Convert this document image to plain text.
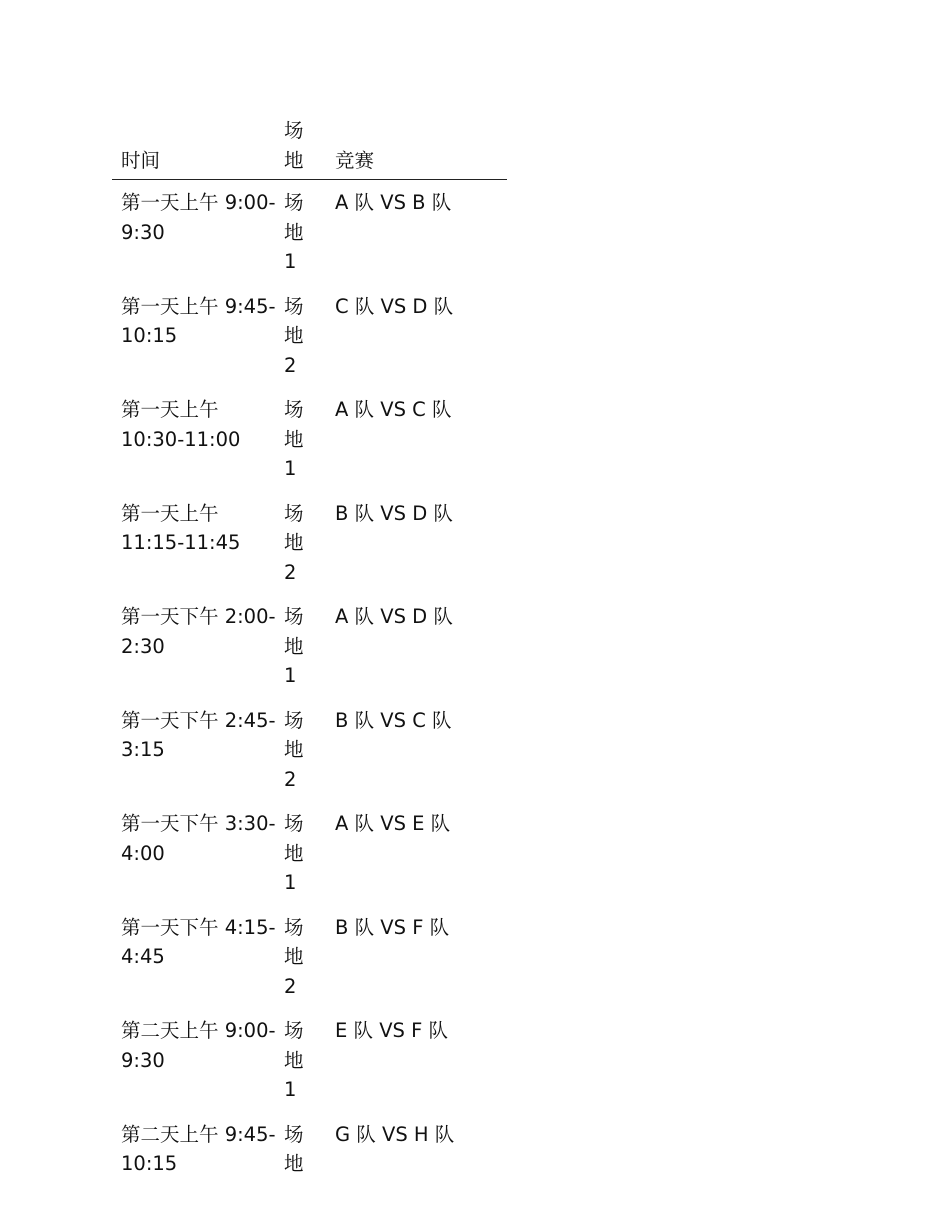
时间
场地 竞赛
第一天上午 9:00-9:30
场地1
A 队 VS B 队
第一天上午 9:45-10:15
场地2
C 队 VS D 队
第一天上午 10:30-11:00
场地1
A 队 VS C 队
第一天上午 11:15-11:45
场地2
B 队 VS D 队
第一天下午 2:00-2:30
场地1
A 队 VS D 队
第一天下午 2:45-3:15
场地2
B 队 VS C 队
第一天下午 3:30-4:00
场地1
A 队 VS E 队
第一天下午 4:15-4:45
场地2
B 队 VS F 队
第二天上午 9:00-9:30
场地1
E 队 VS F 队
第二天上午 9:45-10:15
场地
G 队 VS H 队
